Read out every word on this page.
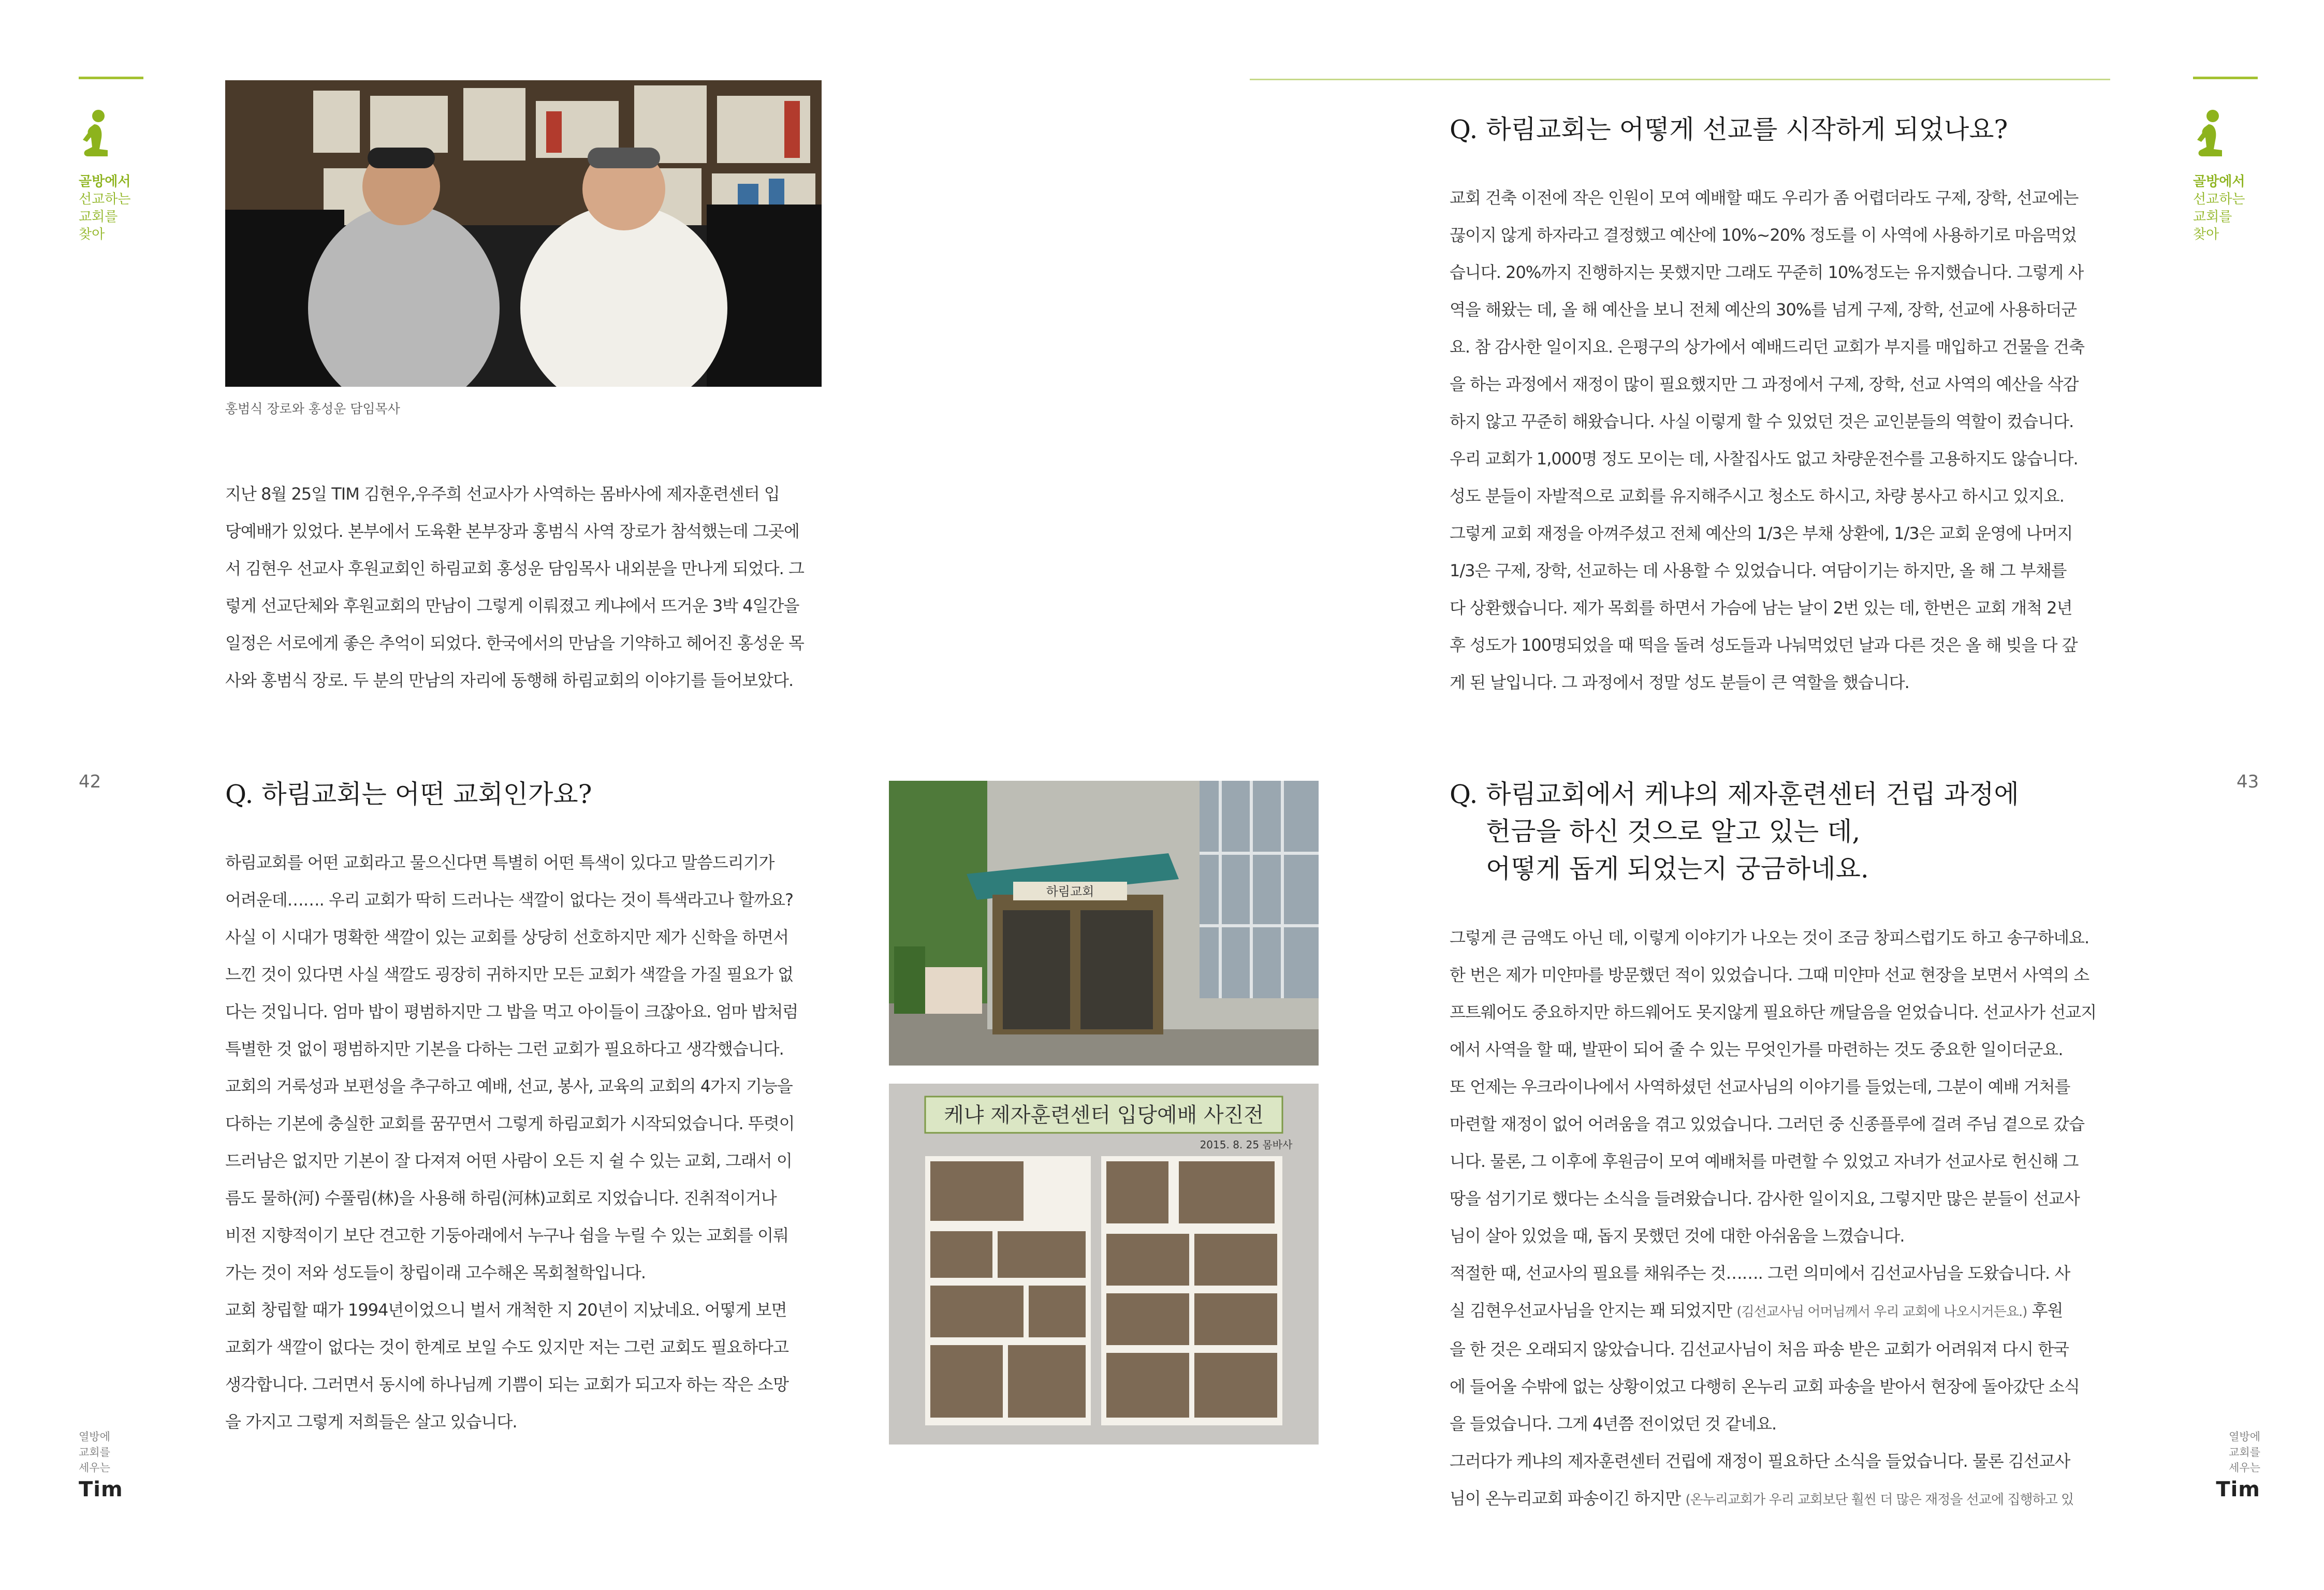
골방에서
선교하는
교회를
찾아
42
열방에
교회를
세우는
Tim
홍범식 장로와 홍성운 담임목사
지난 8월 25일 TIM 김현우,우주희 선교사가 사역하는 몸바사에 제자훈련센터 입
당예배가 있었다. 본부에서 도육환 본부장과 홍범식 사역 장로가 참석했는데 그곳에
서 김현우 선교사 후원교회인 하림교회 홍성운 담임목사 내외분을 만나게 되었다. 그
렇게 선교단체와 후원교회의 만남이 그렇게 이뤄졌고 케냐에서 뜨거운 3박 4일간을
일정은 서로에게 좋은 추억이 되었다. 한국에서의 만남을 기약하고 헤어진 홍성운 목
사와 홍범식 장로. 두 분의 만남의 자리에 동행해 하림교회의 이야기를 들어보았다.
Q. 하림교회는 어떤 교회인가요?
하림교회를 어떤 교회라고 물으신다면 특별히 어떤 특색이 있다고 말씀드리기가
어려운데……. 우리 교회가 딱히 드러나는 색깔이 없다는 것이 특색라고나 할까요?
사실 이 시대가 명확한 색깔이 있는 교회를 상당히 선호하지만 제가 신학을 하면서
느낀 것이 있다면 사실 색깔도 굉장히 귀하지만 모든 교회가 색깔을 가질 필요가 없
다는 것입니다. 엄마 밥이 평범하지만 그 밥을 먹고 아이들이 크잖아요. 엄마 밥처럼
특별한 것 없이 평범하지만 기본을 다하는 그런 교회가 필요하다고 생각했습니다.
교회의 거룩성과 보편성을 추구하고 예배, 선교, 봉사, 교육의 교회의 4가지 기능을
다하는 기본에 충실한 교회를 꿈꾸면서 그렇게 하림교회가 시작되었습니다. 뚜렷이
드러남은 없지만 기본이 잘 다져져 어떤 사람이 오든 지 쉴 수 있는 교회, 그래서 이
름도 물하(河) 수풀림(林)을 사용해 하림(河林)교회로 지었습니다. 진취적이거나
비전 지향적이기 보단 견고한 기둥아래에서 누구나 쉼을 누릴 수 있는 교회를 이뤄
가는 것이 저와 성도들이 창립이래 고수해온 목회철학입니다.
교회 창립할 때가 1994년이었으니 벌서 개척한 지 20년이 지났네요. 어떻게 보면
교회가 색깔이 없다는 것이 한계로 보일 수도 있지만 저는 그런 교회도 필요하다고
생각합니다. 그러면서 동시에 하나님께 기쁨이 되는 교회가 되고자 하는 작은 소망
을 가지고 그렇게 저희들은 살고 있습니다.
하림교회
케냐 제자훈련센터 입당예배 사진전
2015. 8. 25 몸바사
골방에서
선교하는
교회를
찾아
43
열방에
교회를
세우는
Tim
Q. 하림교회는 어떻게 선교를 시작하게 되었나요?
교회 건축 이전에 작은 인원이 모여 예배할 때도 우리가 좀 어렵더라도 구제, 장학, 선교에는
끊이지 않게 하자라고 결정했고 예산에 10%~20% 정도를 이 사역에 사용하기로 마음먹었
습니다. 20%까지 진행하지는 못했지만 그래도 꾸준히 10%정도는 유지했습니다. 그렇게 사
역을 해왔는 데, 올 해 예산을 보니 전체 예산의 30%를 넘게 구제, 장학, 선교에 사용하더군
요. 참 감사한 일이지요. 은평구의 상가에서 예배드리던 교회가 부지를 매입하고 건물을 건축
을 하는 과정에서 재정이 많이 필요했지만 그 과정에서 구제, 장학, 선교 사역의 예산을 삭감
하지 않고 꾸준히 해왔습니다. 사실 이렇게 할 수 있었던 것은 교인분들의 역할이 컸습니다.
우리 교회가 1,000명 정도 모이는 데, 사찰집사도 없고 차량운전수를 고용하지도 않습니다.
성도 분들이 자발적으로 교회를 유지해주시고 청소도 하시고, 차량 봉사고 하시고 있지요.
그렇게 교회 재정을 아껴주셨고 전체 예산의 1/3은 부채 상환에, 1/3은 교회 운영에 나머지
1/3은 구제, 장학, 선교하는 데 사용할 수 있었습니다. 여담이기는 하지만, 올 해 그 부채를
다 상환했습니다. 제가 목회를 하면서 가슴에 남는 날이 2번 있는 데, 한번은 교회 개척 2년
후 성도가 100명되었을 때 떡을 돌려 성도들과 나눠먹었던 날과 다른 것은 올 해 빚을 다 갚
게 된 날입니다. 그 과정에서 정말 성도 분들이 큰 역할을 했습니다.
Q. 하림교회에서 케냐의 제자훈련센터 건립 과정에
헌금을 하신 것으로 알고 있는 데,
어떻게 돕게 되었는지 궁금하네요.
그렇게 큰 금액도 아닌 데, 이렇게 이야기가 나오는 것이 조금 창피스럽기도 하고 송구하네요.
한 번은 제가 미얀마를 방문했던 적이 있었습니다. 그때 미얀마 선교 현장을 보면서 사역의 소
프트웨어도 중요하지만 하드웨어도 못지않게 필요하단 깨달음을 얻었습니다. 선교사가 선교지
에서 사역을 할 때, 발판이 되어 줄 수 있는 무엇인가를 마련하는 것도 중요한 일이더군요.
또 언제는 우크라이나에서 사역하셨던 선교사님의 이야기를 들었는데, 그분이 예배 거처를
마련할 재정이 없어 어려움을 겪고 있었습니다. 그러던 중 신종플루에 걸려 주님 곁으로 갔습
니다. 물론, 그 이후에 후원금이 모여 예배처를 마련할 수 있었고 자녀가 선교사로 헌신해 그
땅을 섬기기로 했다는 소식을 들려왔습니다. 감사한 일이지요, 그렇지만 많은 분들이 선교사
님이 살아 있었을 때, 돕지 못했던 것에 대한 아쉬움을 느꼈습니다.
적절한 때, 선교사의 필요를 채워주는 것……. 그런 의미에서 김선교사님을 도왔습니다. 사
실 김현우선교사님을 안지는 꽤 되었지만 (김선교사님 어머님께서 우리 교회에 나오시거든요.) 후원
을 한 것은 오래되지 않았습니다. 김선교사님이 처음 파송 받은 교회가 어려워져 다시 한국
에 들어올 수밖에 없는 상황이었고 다행히 온누리 교회 파송을 받아서 현장에 돌아갔단 소식
을 들었습니다. 그게 4년쯤 전이었던 것 같네요.
그러다가 케냐의 제자훈련센터 건립에 재정이 필요하단 소식을 들었습니다. 물론 김선교사
님이 온누리교회 파송이긴 하지만 (온누리교회가 우리 교회보단 훨씬 더 많은 재정을 선교에 집행하고 있
